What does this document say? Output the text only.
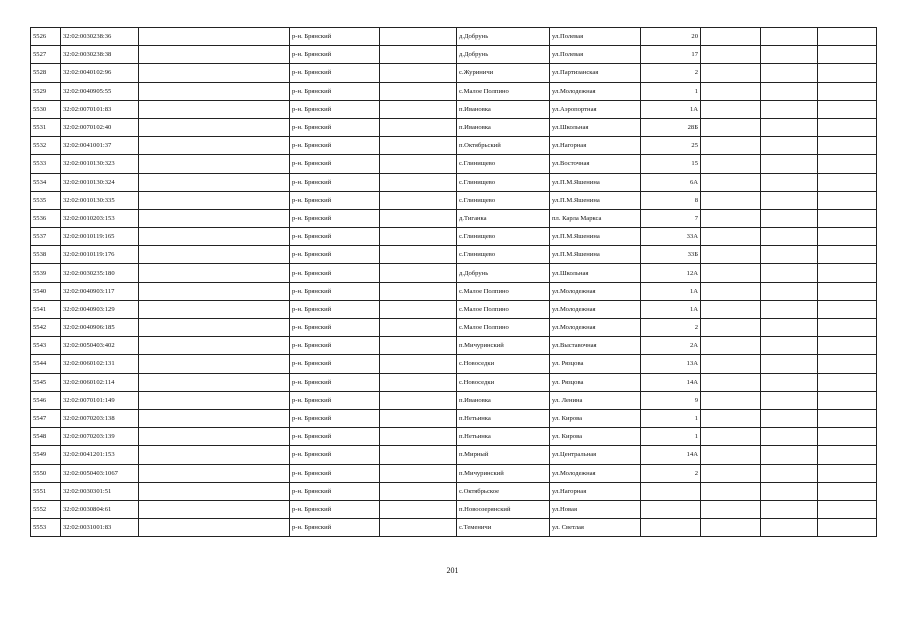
5526	32:02:0030238:36		р-н. Брянский		д.Добрунь	ул.Полевая	20			
5527	32:02:0030238:38		р-н. Брянский		д.Добрунь	ул.Полевая	17			
5528	32:02:0040102:96		р-н. Брянский		с.Журиничи	ул.Партизанская	2			
5529	32:02:0040905:55		р-н. Брянский		с.Малое Полпино	ул.Молодежная	1			
5530	32:02:0070101:83		р-н. Брянский		п.Ивановка	ул.Аэропортная	1А			
5531	32:02:0070102:40		р-н. Брянский		п.Ивановка	ул.Школьная	28Б			
5532	32:02:0041001:37		р-н. Брянский		п.Октябрьский	ул.Нагорная	25			
5533	32:02:0010130:323		р-н. Брянский		с.Глинищево	ул.Восточная	15			
5534	32:02:0010130:324		р-н. Брянский		с.Глинищево	ул.П.М.Яшенина	6А			
5535	32:02:0010130:335		р-н. Брянский		с.Глинищево	ул.П.М.Яшенина	8			
5536	32:02:0010203:153		р-н. Брянский		д.Тиганка	пл. Карла Маркса	7			
5537	32:02:0010119:165		р-н. Брянский		с.Глинищево	ул.П.М.Яшенина	33А			
5538	32:02:0010119:176		р-н. Брянский		с.Глинищево	ул.П.М.Яшенина	33Б			
5539	32:02:0030235:180		р-н. Брянский		д.Добрунь	ул.Школьная	12А			
5540	32:02:0040903:117		р-н. Брянский		с.Малое Полпино	ул.Молодежная	1А			
5541	32:02:0040903:129		р-н. Брянский		с.Малое Полпино	ул.Молодежная	1А			
5542	32:02:0040906:185		р-н. Брянский		с.Малое Полпино	ул.Молодежная	2			
5543	32:02:0050403:402		р-н. Брянский		п.Мичуринский	ул.Выставочная	2А			
5544	32:02:0060102:131		р-н. Брянский		с.Новоседки	ул. Рязцова	13А			
5545	32:02:0060102:114		р-н. Брянский		с.Новоседки	ул. Рязцова	14А			
5546	32:02:0070101:149		р-н. Брянский		п.Ивановка	ул. Ленина	9			
5547	32:02:0070203:138		р-н. Брянский		п.Нетьинка	ул. Кирова	1			
5548	32:02:0070203:139		р-н. Брянский		п.Нетьинка	ул. Кирова	1			
5549	32:02:0041201:153		р-н. Брянский		п.Мирный	ул.Центральная	14А			
5550	32:02:0050403:1067		р-н. Брянский		п.Мичуринский	ул.Молодежная	2			
5551	32:02:0030301:51		р-н. Брянский		с.Октябрьское	ул.Нагорная				
5552	32:02:0030804:61		р-н. Брянский		п.Новоозерянский	ул.Новая				
5553	32:02:0031001:83		р-н. Брянский		с.Теменичи	ул. Светлая				
201
